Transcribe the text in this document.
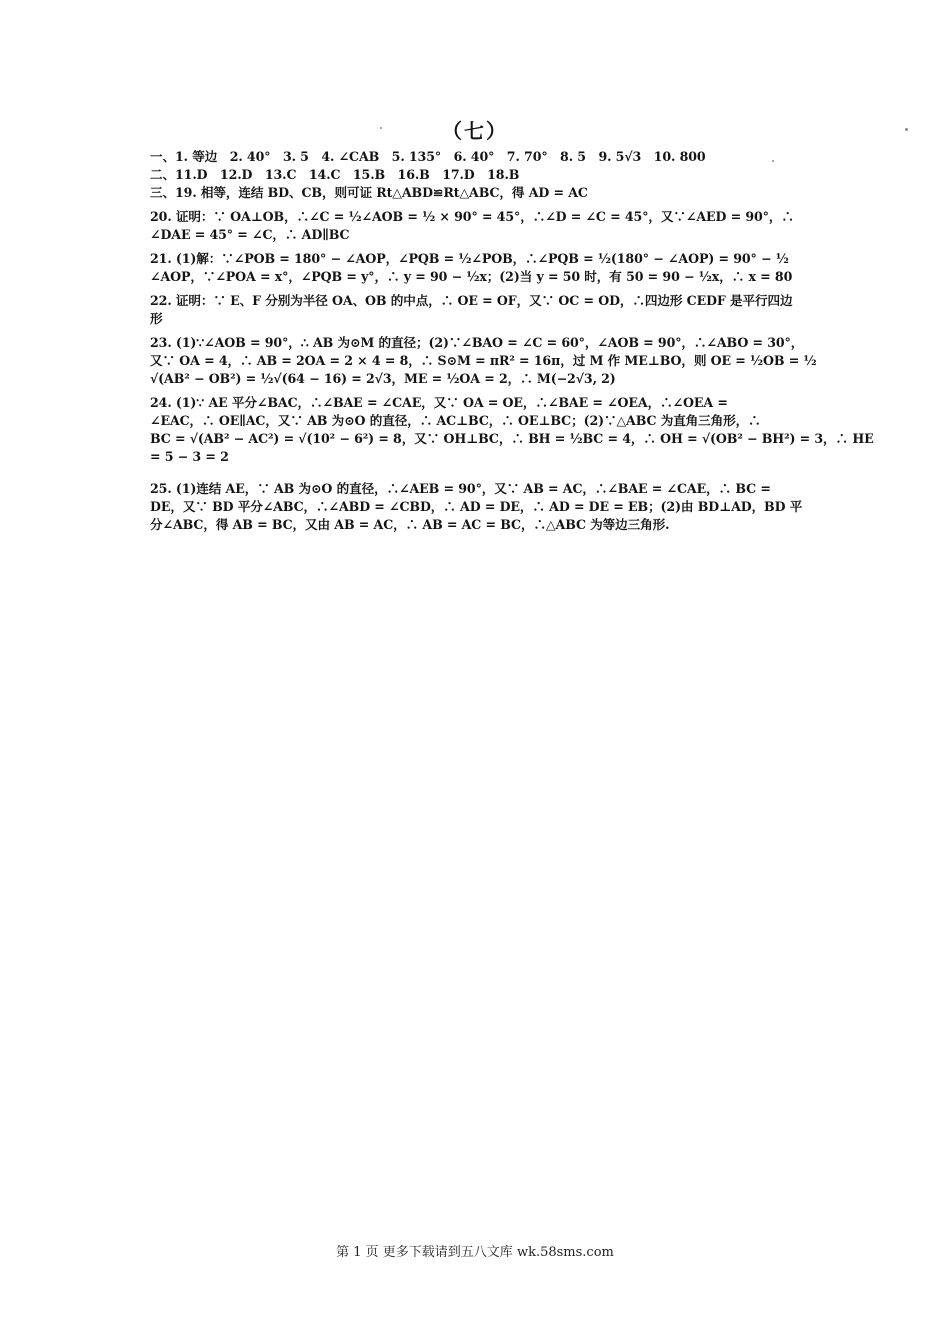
（七）
一、1. 等边　2. 40°　3. 5　4. ∠CAB　5. 135°　6. 40°　7. 70°　8. 5　9. 5√3　10. 800
二、11.D　12.D　13.C　14.C　15.B　16.B　17.D　18.B
三、19. 相等，连结 BD、CB，则可证 Rt△ABD≌Rt△ABC，得 AD = AC
20. 证明：∵ OA⊥OB，∴∠C = ½∠AOB = ½ × 90° = 45°，∴∠D = ∠C = 45°，又∵∠AED = 90°，∴
∠DAE = 45° = ∠C，∴ AD∥BC
21. (1)解：∵∠POB = 180° − ∠AOP，∠PQB = ½∠POB，∴∠PQB = ½(180° − ∠AOP) = 90° − ½
∠AOP，∵∠POA = x°，∠PQB = y°，∴ y = 90 − ½x；(2)当 y = 50 时，有 50 = 90 − ½x，∴ x = 80
22. 证明：∵ E、F 分别为半径 OA、OB 的中点，∴ OE = OF，又∵ OC = OD，∴四边形 CEDF 是平行四边
形
23. (1)∵∠AOB = 90°，∴ AB 为⊙M 的直径；(2)∵∠BAO = ∠C = 60°，∠AOB = 90°，∴∠ABO = 30°，
又∵ OA = 4，∴ AB = 2OA = 2 × 4 = 8，∴ S⊙M = πR² = 16π，过 M 作 ME⊥BO，则 OE = ½OB = ½
√(AB² − OB²) = ½√(64 − 16) = 2√3，ME = ½OA = 2，∴ M(−2√3, 2)
24. (1)∵ AE 平分∠BAC，∴∠BAE = ∠CAE，又∵ OA = OE，∴∠BAE = ∠OEA，∴∠OEA =
∠EAC，∴ OE∥AC，又∵ AB 为⊙O 的直径，∴ AC⊥BC，∴ OE⊥BC；(2)∵△ABC 为直角三角形，∴
BC = √(AB² − AC²) = √(10² − 6²) = 8，又∵ OH⊥BC，∴ BH = ½BC = 4，∴ OH = √(OB² − BH²) = 3，∴ HE
= 5 − 3 = 2
25. (1)连结 AE，∵ AB 为⊙O 的直径，∴∠AEB = 90°，又∵ AB = AC，∴∠BAE = ∠CAE，∴ BC =
DE，又∵ BD 平分∠ABC，∴∠ABD = ∠CBD，∴ AD = DE，∴ AD = DE = EB；(2)由 BD⊥AD，BD 平
分∠ABC，得 AB = BC，又由 AB = AC，∴ AB = AC = BC，∴△ABC 为等边三角形.
第 1 页 更多下载请到五八文库 wk.58sms.com
